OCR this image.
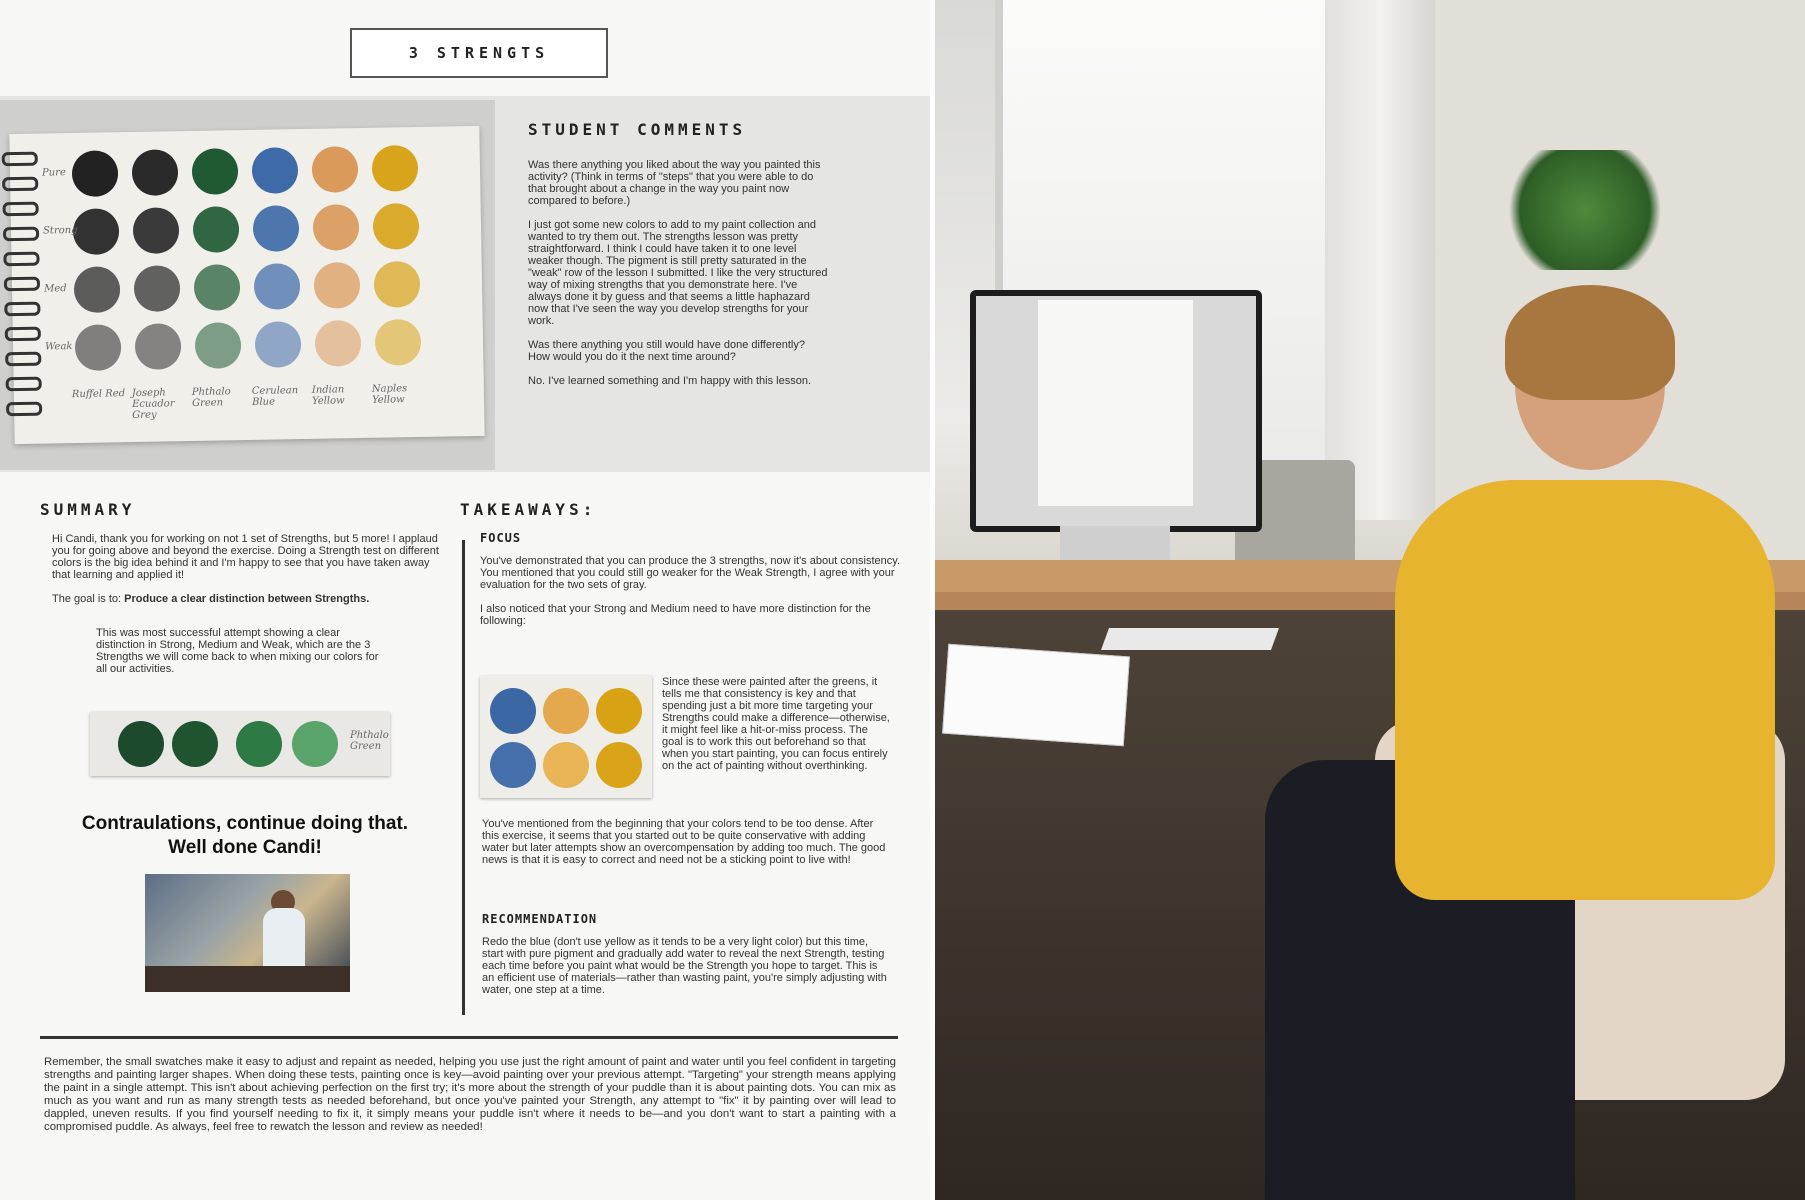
3 STRENGTS
Pure
Strong
Med
Weak
Ruffel Red Joseph Ecuador Grey
Phthalo Green
Cerulean Blue
Indian Yellow
Naples Yellow
STUDENT COMMENTS

Was there anything you liked about the way you painted this activity? (Think in terms of "steps" that you were able to do that brought about a change in the way you paint now compared to before.)

I just got some new colors to add to my paint collection and wanted to try them out. The strengths lesson was pretty straightforward. I think I could have taken it to one level weaker though. The pigment is still pretty saturated in the "weak" row of the lesson I submitted. I like the very structured way of mixing strengths that you demonstrate here. I've always done it by guess and that seems a little haphazard now that I've seen the way you develop strengths for your work.

Was there anything you still would have done differently? How would you do it the next time around?

No. I've learned something and I'm happy with this lesson.

SUMMARY

Hi Candi, thank you for working on not 1 set of Strengths, but 5 more! I applaud you for going above and beyond the exercise. Doing a Strength test on different colors is the big idea behind it and I'm happy to see that you have taken away that learning and applied it!

The goal is to: Produce a clear distinction between Strengths.

This was most successful attempt showing a clear distinction in Strong, Medium and Weak, which are the 3 Strengths we will come back to when mixing our colors for all our activities.

Phthalo Green
Contraulations, continue doing that. Well done Candi!
TAKEAWAYS:
FOCUS

You've demonstrated that you can produce the 3 strengths, now it's about consistency. You mentioned that you could still go weaker for the Weak Strength, I agree with your evaluation for the two sets of gray.

I also noticed that your Strong and Medium need to have more distinction for the following:

Since these were painted after the greens, it tells me that consistency is key and that spending just a bit more time targeting your Strengths could make a difference—otherwise, it might feel like a hit-or-miss process. The goal is to work this out beforehand so that when you start painting, you can focus entirely on the act of painting without overthinking.

You've mentioned from the beginning that your colors tend to be too dense. After this exercise, it seems that you started out to be quite conservative with adding water but later attempts show an overcompensation by adding too much. The good news is that it is easy to correct and need not be a sticking point to live with!

RECOMMENDATION

Redo the blue (don't use yellow as it tends to be a very light color) but this time, start with pure pigment and gradually add water to reveal the next Strength, testing each time before you paint what would be the Strength you hope to target. This is an efficient use of materials—rather than wasting paint, you're simply adjusting with water, one step at a time.

Remember, the small swatches make it easy to adjust and repaint as needed, helping you use just the right amount of paint and water until you feel confident in targeting strengths and painting larger shapes. When doing these tests, painting once is key—avoid painting over your previous attempt. "Targeting" your strength means applying the paint in a single attempt. This isn't about achieving perfection on the first try; it's more about the strength of your puddle than it is about painting dots. You can mix as much as you want and run as many strength tests as needed beforehand, but once you've painted your Strength, any attempt to "fix" it by painting over will lead to dappled, uneven results. If you find yourself needing to fix it, it simply means your puddle isn't where it needs to be—and you don't want to start a painting with a compromised puddle. As always, feel free to rewatch the lesson and review as needed!
